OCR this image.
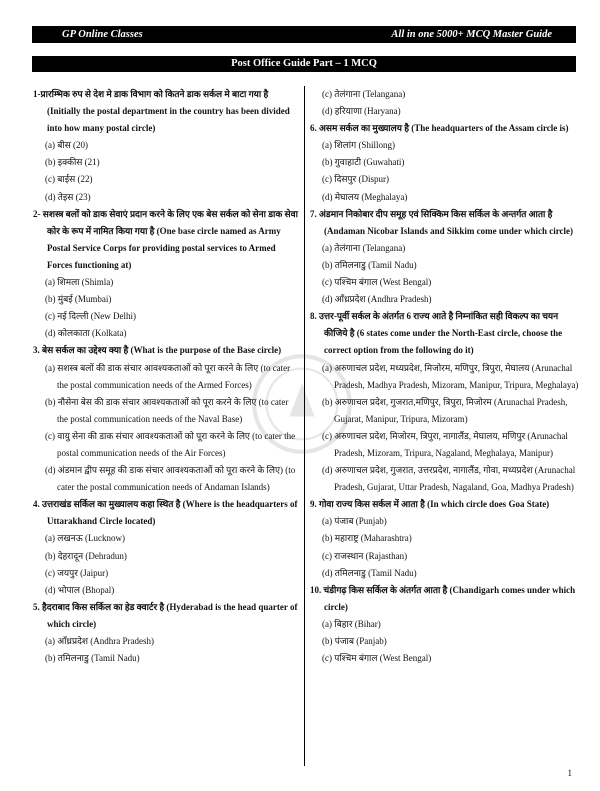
GP Online Classes	All in one 5000+ MCQ Master Guide
Post Office Guide Part – 1 MCQ
1-प्रारम्भिक रुप से देश मे डाक विभाग को कितने डाक सर्कल मे बाटा गया है (Initially the postal department in the country has been divided into how many postal circle)
(a) बीस (20)
(b) इक्कीस (21)
(c) बाईस (22)
(d) तेइस (23)
2- सशस्त्र बलों को डाक सेवाएं प्रदान करने के लिए एक बेस सर्कल को सेना डाक सेवा कोर के रूप में नामित किया गया है (One base circle named as Army Postal Service Corps for providing postal services to Armed Forces functioning at)
(a) शिमला (Shimla)
(b) मुंबई (Mumbai)
(c) नई दिल्ली (New Delhi)
(d) कोलकाता (Kolkata)
3. बेस सर्कल का उद्देश्य क्या है (What is the purpose of the Base circle)
(a) सशस्त्र बलों की डाक संचार आवश्यकताओं को पूरा करने के लिए (to cater the postal communication needs of the Armed Forces)
(b) नौसेना बेस की डाक संचार आवश्यकताओं को पूरा करने के लिए (to cater the postal communication needs of the Naval Base)
(c) वायु सेना की डाक संचार आवश्यकताओं को पूरा करने के लिए (to cater the postal communication needs of the Air Forces)
(d) अंडमान द्वीप समूह की डाक संचार आवश्यकताओं को पूरा करने के लिए) (to cater the postal communication needs of Andaman Islands)
4. उत्तराखंड सर्किल का मुख्यालय कहा स्थित है (Where is the headquarters of Uttarakhand Circle located)
(a) लखनऊ (Lucknow)
(b) देहरादून (Dehradun)
(c) जयपुर (Jaipur)
(d) भोपाल (Bhopal)
5. हैदराबाद किस सर्किल का हेड क्वार्टर है (Hyderabad is the head quarter of which circle)
(a) आँध्रप्रदेश (Andhra Pradesh)
(b) तमिलनाडु (Tamil Nadu)
(c) तेलंगाना (Telangana)
(d) हरियाणा (Haryana)
6. असम सर्कल का मुख्यालय है (The headquarters of the Assam circle is)
(a) शिलांग (Shillong)
(b) गुवाहाटी (Guwahati)
(c) दिसपुर (Dispur)
(d) मेघालय (Meghalaya)
7. अंडमान निकोबार दीप समूह एवं सिक्किम किस सर्किल के अन्तर्गत आता है (Andaman Nicobar Islands and Sikkim come under which circle)
(a) तेलंगाना (Telangana)
(b) तमिलनाडु (Tamil Nadu)
(c) पश्चिम बंगाल (West Bengal)
(d) आँध्रप्रदेश (Andhra Pradesh)
8. उत्तर-पूर्वी सर्कल के अंतर्गत 6 राज्य आते है निम्नांकित सही विकल्प का चयन कीजिये है (6 states come under the North-East circle, choose the correct option from the following do it)
(a) अरुणाचल प्रदेश, मध्यप्रदेश, मिजोरम, मणिपुर, त्रिपुरा, मेघालय (Arunachal Pradesh, Madhya Pradesh, Mizoram, Manipur, Tripura, Meghalaya)
(b) अरुणाचल प्रदेश, गुजरात,मणिपुर, त्रिपुरा, मिजोरम (Arunachal Pradesh, Gujarat, Manipur, Tripura, Mizoram)
(c) अरुणाचल प्रदेश, मिजोरम, त्रिपुरा, नागालैंड, मेघालय, मणिपुर (Arunachal Pradesh, Mizoram, Tripura, Nagaland, Meghalaya, Manipur)
(d) अरुणाचल प्रदेश, गुजरात, उत्तरप्रदेश, नागालैंड, गोवा, मध्यप्रदेश (Arunachal Pradesh, Gujarat, Uttar Pradesh, Nagaland, Goa, Madhya Pradesh)
9. गोवा राज्य किस सर्कल में आता है (In which circle does Goa State)
(a) पंजाब (Punjab)
(b) महाराष्ट्र (Maharashtra)
(c) राजस्थान (Rajasthan)
(d) तमिलनाडु (Tamil Nadu)
10. चंडीगढ़ किस सर्किल के अंतर्गत आता है (Chandigarh comes under which circle)
(a) बिहार (Bihar)
(b) पंजाब (Panjab)
(c) पश्चिम बंगाल (West Bengal)
1
